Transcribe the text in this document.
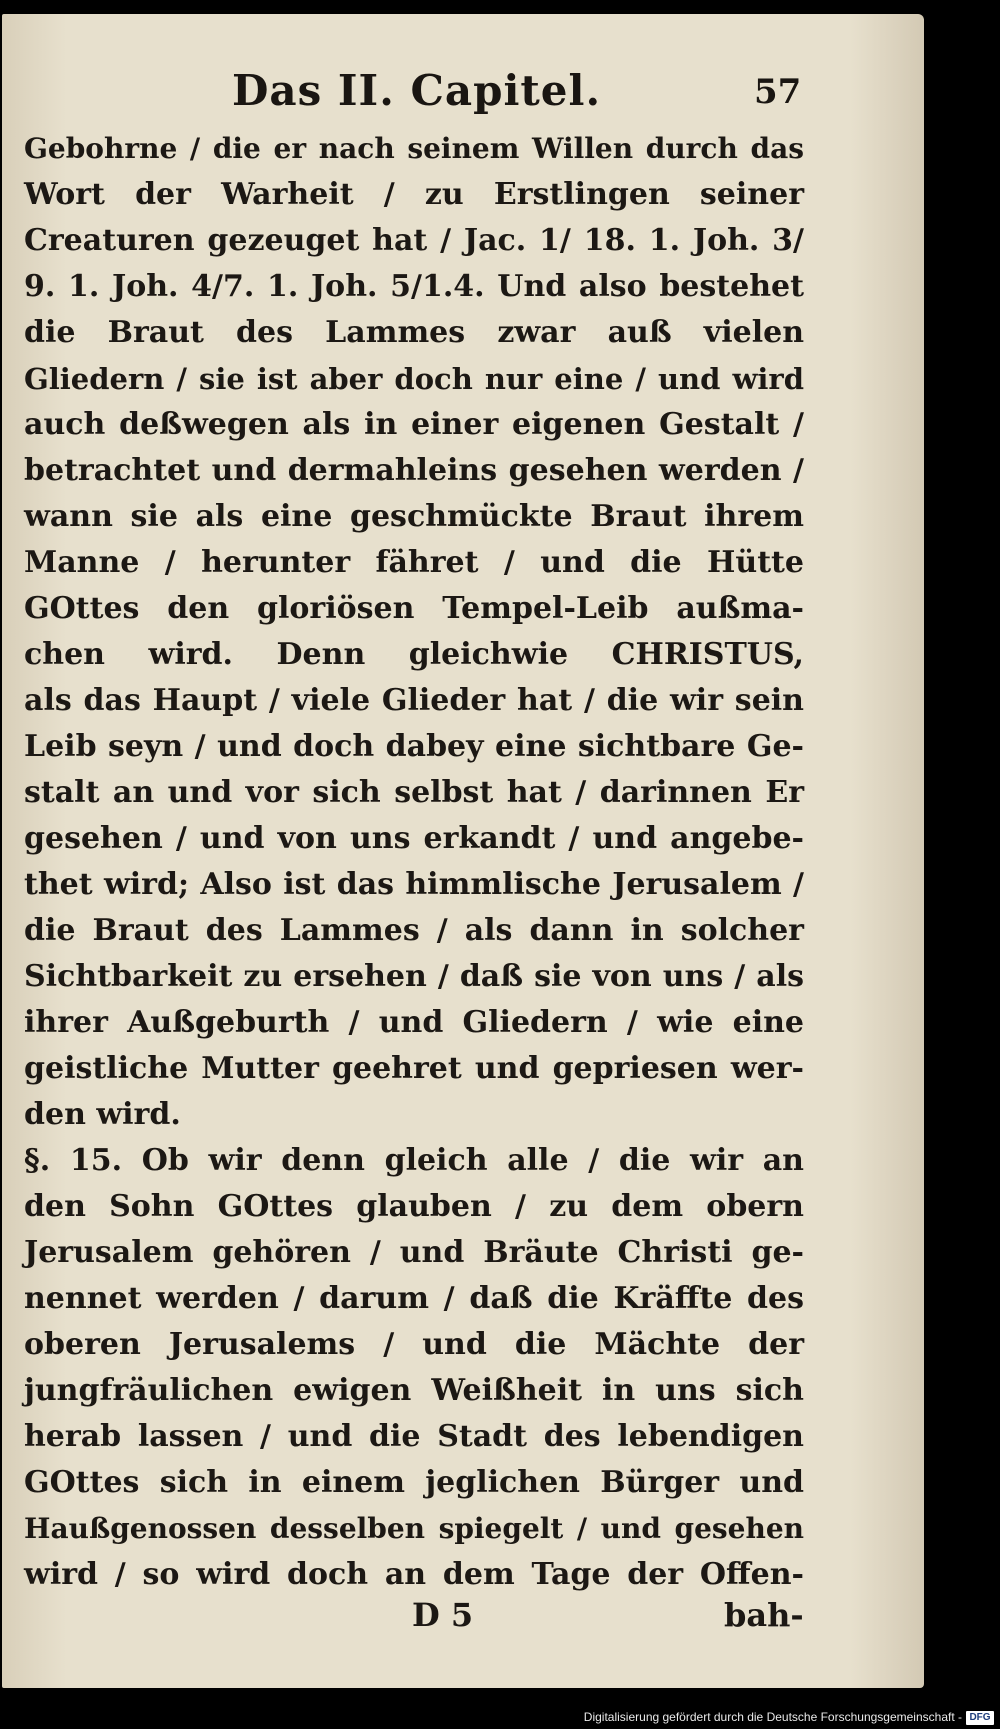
Das II. Capitel.	57
Gebohrne / die er nach seinem Willen durch das
Wort der Warheit / zu Erstlingen seiner
Creaturen gezeuget hat / Jac. 1/ 18. 1. Joh. 3/
9. 1. Joh. 4/7. 1. Joh. 5/1.4. Und also bestehet
die Braut des Lammes zwar auß vielen
Gliedern / sie ist aber doch nur eine / und wird
auch deßwegen als in einer eigenen Gestalt /
betrachtet und dermahleins gesehen werden /
wann sie als eine geschmückte Braut ihrem
Manne / herunter fähret / und die Hütte
GOttes den gloriösen Tempel-Leib außma-
chen wird. Denn gleichwie CHRISTUS,
als das Haupt / viele Glieder hat / die wir sein
Leib seyn / und doch dabey eine sichtbare Ge-
stalt an und vor sich selbst hat / darinnen Er
gesehen / und von uns erkandt / und angebe-
thet wird; Also ist das himmlische Jerusalem /
die Braut des Lammes / als dann in solcher
Sichtbarkeit zu ersehen / daß sie von uns / als
ihrer Außgeburth / und Gliedern / wie eine
geistliche Mutter geehret und gepriesen wer-
den wird.
§. 15. Ob wir denn gleich alle / die wir an
den Sohn GOttes glauben / zu dem obern
Jerusalem gehören / und Bräute Christi ge-
nennet werden / darum / daß die Kräffte des
oberen Jerusalems / und die Mächte der
jungfräulichen ewigen Weißheit in uns sich
herab lassen / und die Stadt des lebendigen
GOttes sich in einem jeglichen Bürger und
Haußgenossen desselben spiegelt / und gesehen
wird / so wird doch an dem Tage der Offen-
D 5	bah-
Digitalisierung gefördert durch die Deutsche Forschungsgemeinschaft - DFG
